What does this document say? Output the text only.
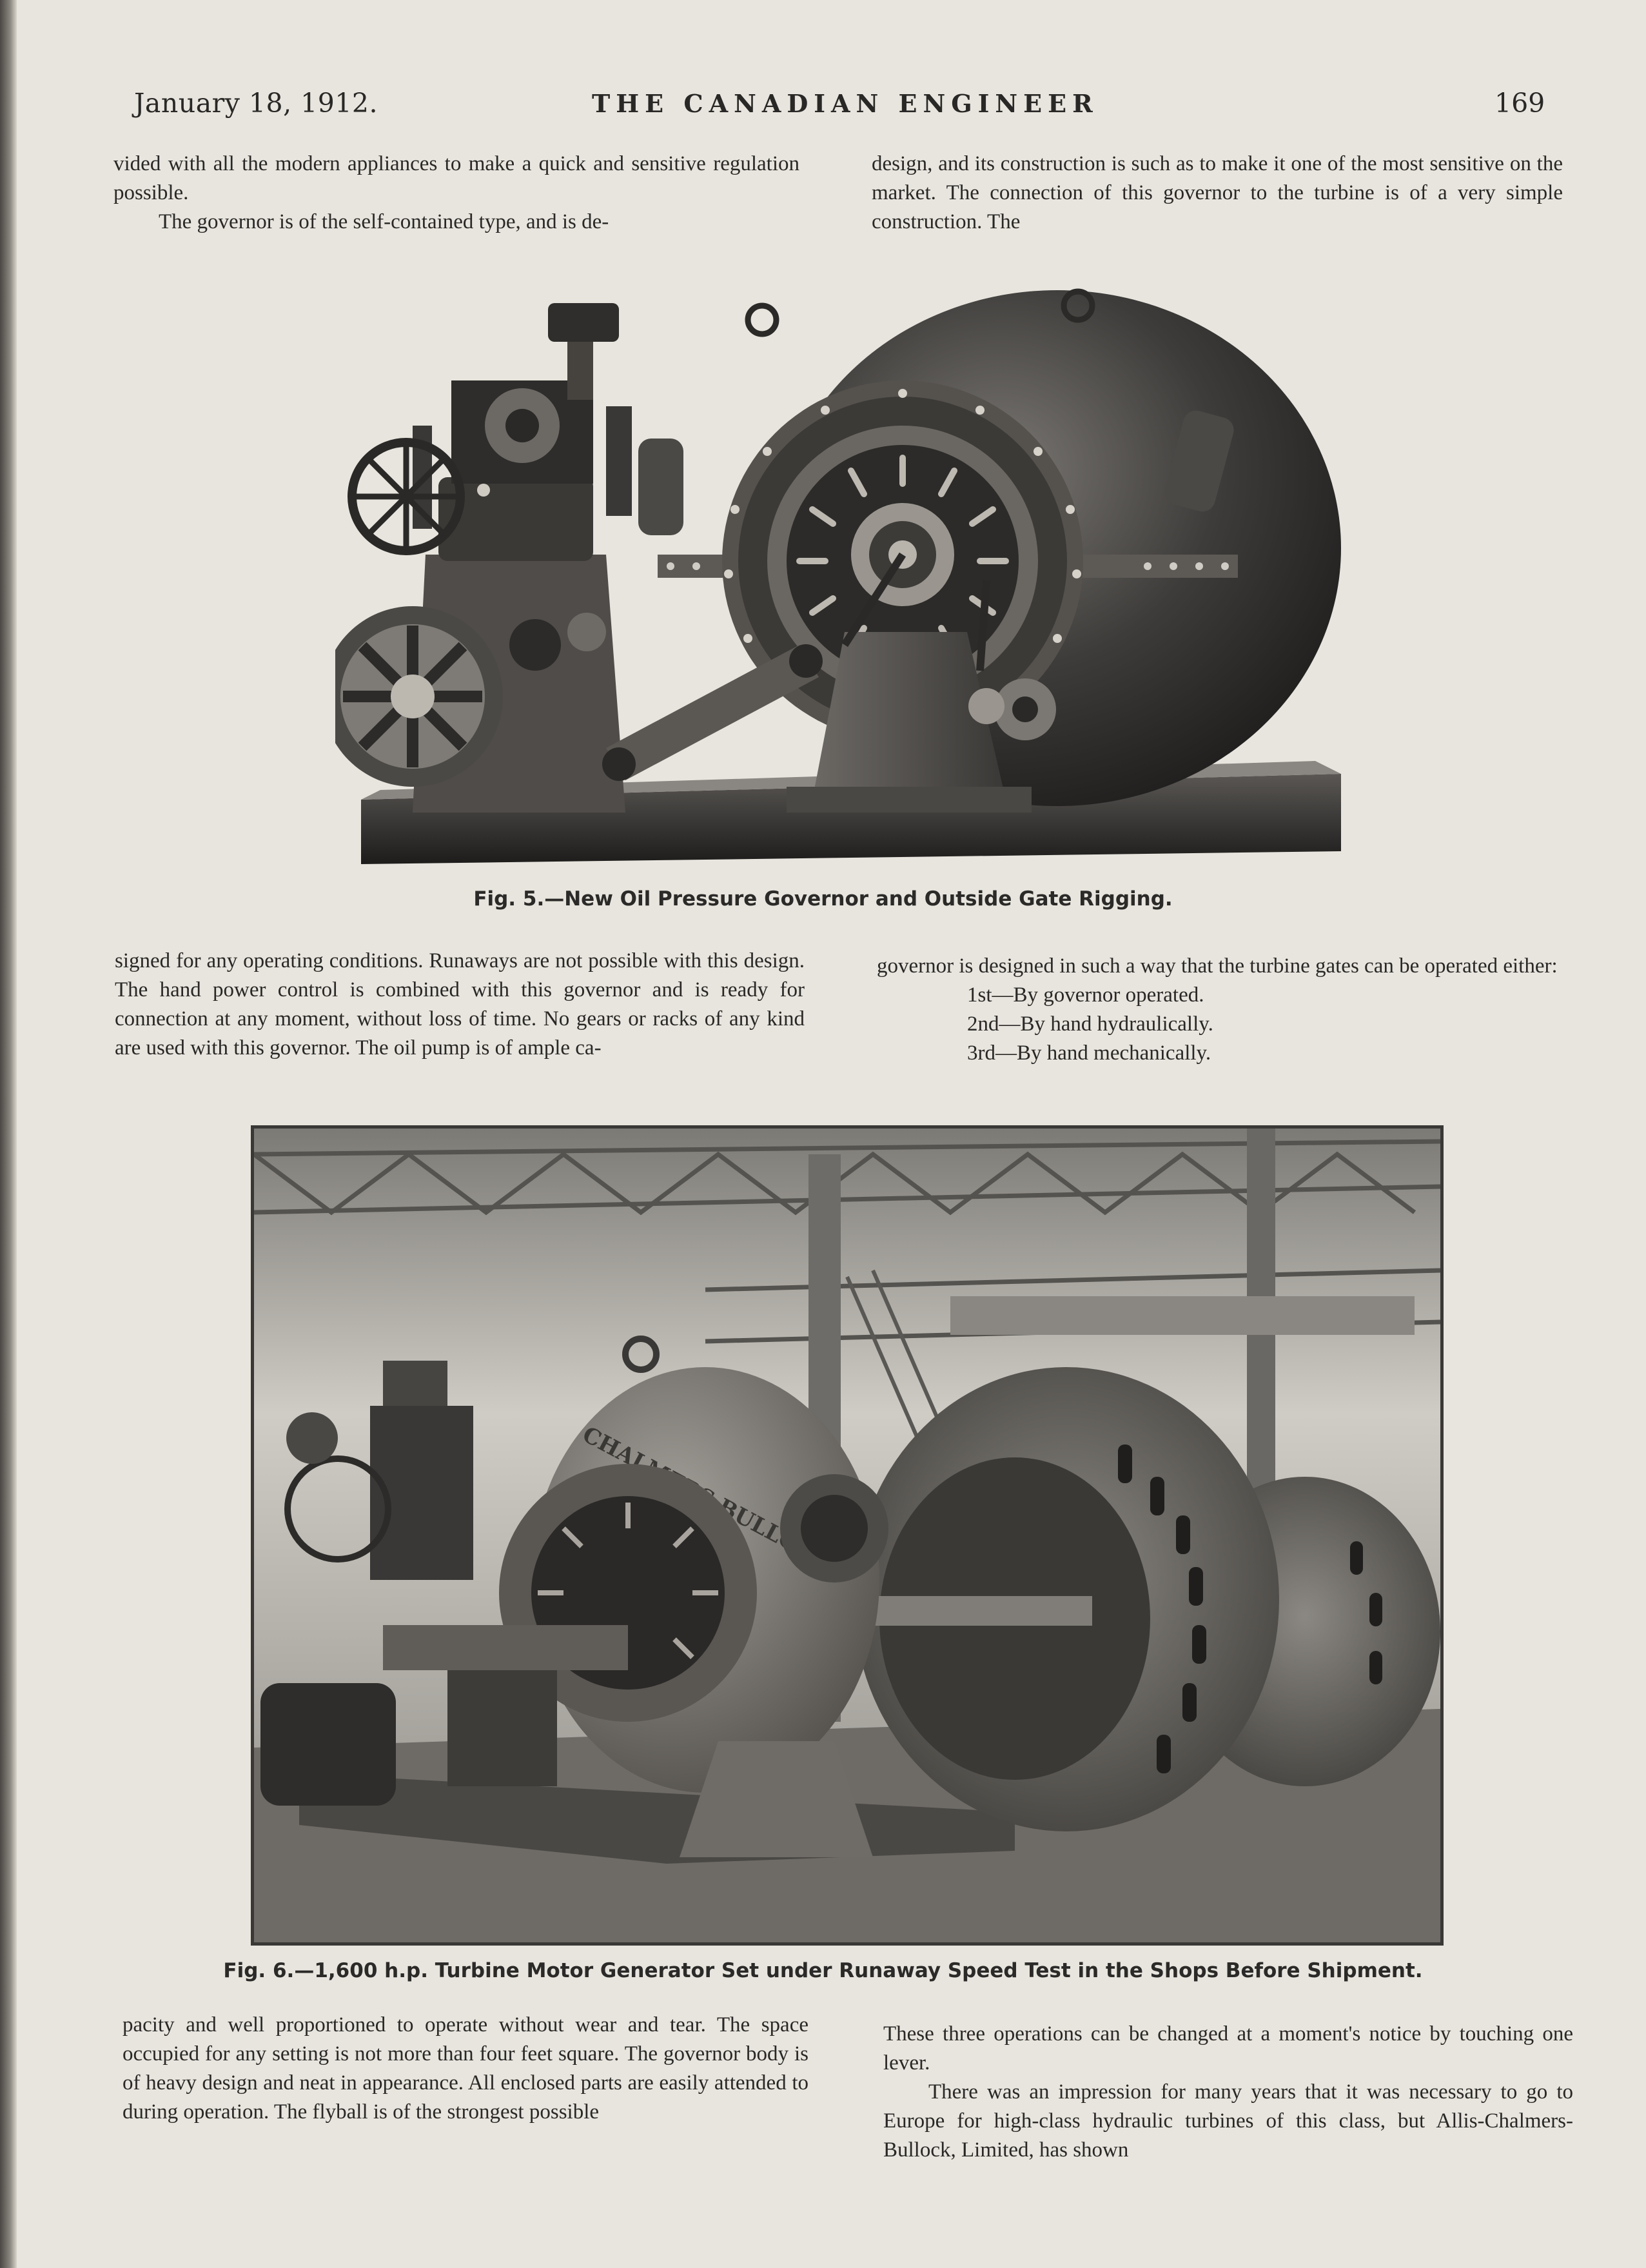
January 18, 1912.	THE CANADIAN ENGINEER	169

vided with all the modern appliances to make a quick and sensitive regulation possible.

The governor is of the self-contained type, and is de-

design, and its construction is such as to make it one of the most sensitive on the market. The connection of this governor to the turbine is of a very simple construction. The

Fig. 5.—New Oil Pressure Governor and Outside Gate Rigging.

signed for any operating conditions. Runaways are not possible with this design. The hand power control is combined with this governor and is ready for connection at any moment, without loss of time. No gears or racks of any kind are used with this governor. The oil pump is of ample ca-

governor is designed in such a way that the turbine gates can be operated either:

1st—By governor operated.

2nd—By hand hydraulically.

3rd—By hand mechanically.

BULLOCK
Fig. 6.—1,600 h.p. Turbine Motor Generator Set under Runaway Speed Test in the Shops Before Shipment.

pacity and well proportioned to operate without wear and tear. The space occupied for any setting is not more than four feet square. The governor body is of heavy design and neat in appearance. All enclosed parts are easily attended to during operation. The flyball is of the strongest possible

These three operations can be changed at a moment's notice by touching one lever.

There was an impression for many years that it was necessary to go to Europe for high-class hydraulic turbines of this class, but Allis-Chalmers-Bullock, Limited, has shown
